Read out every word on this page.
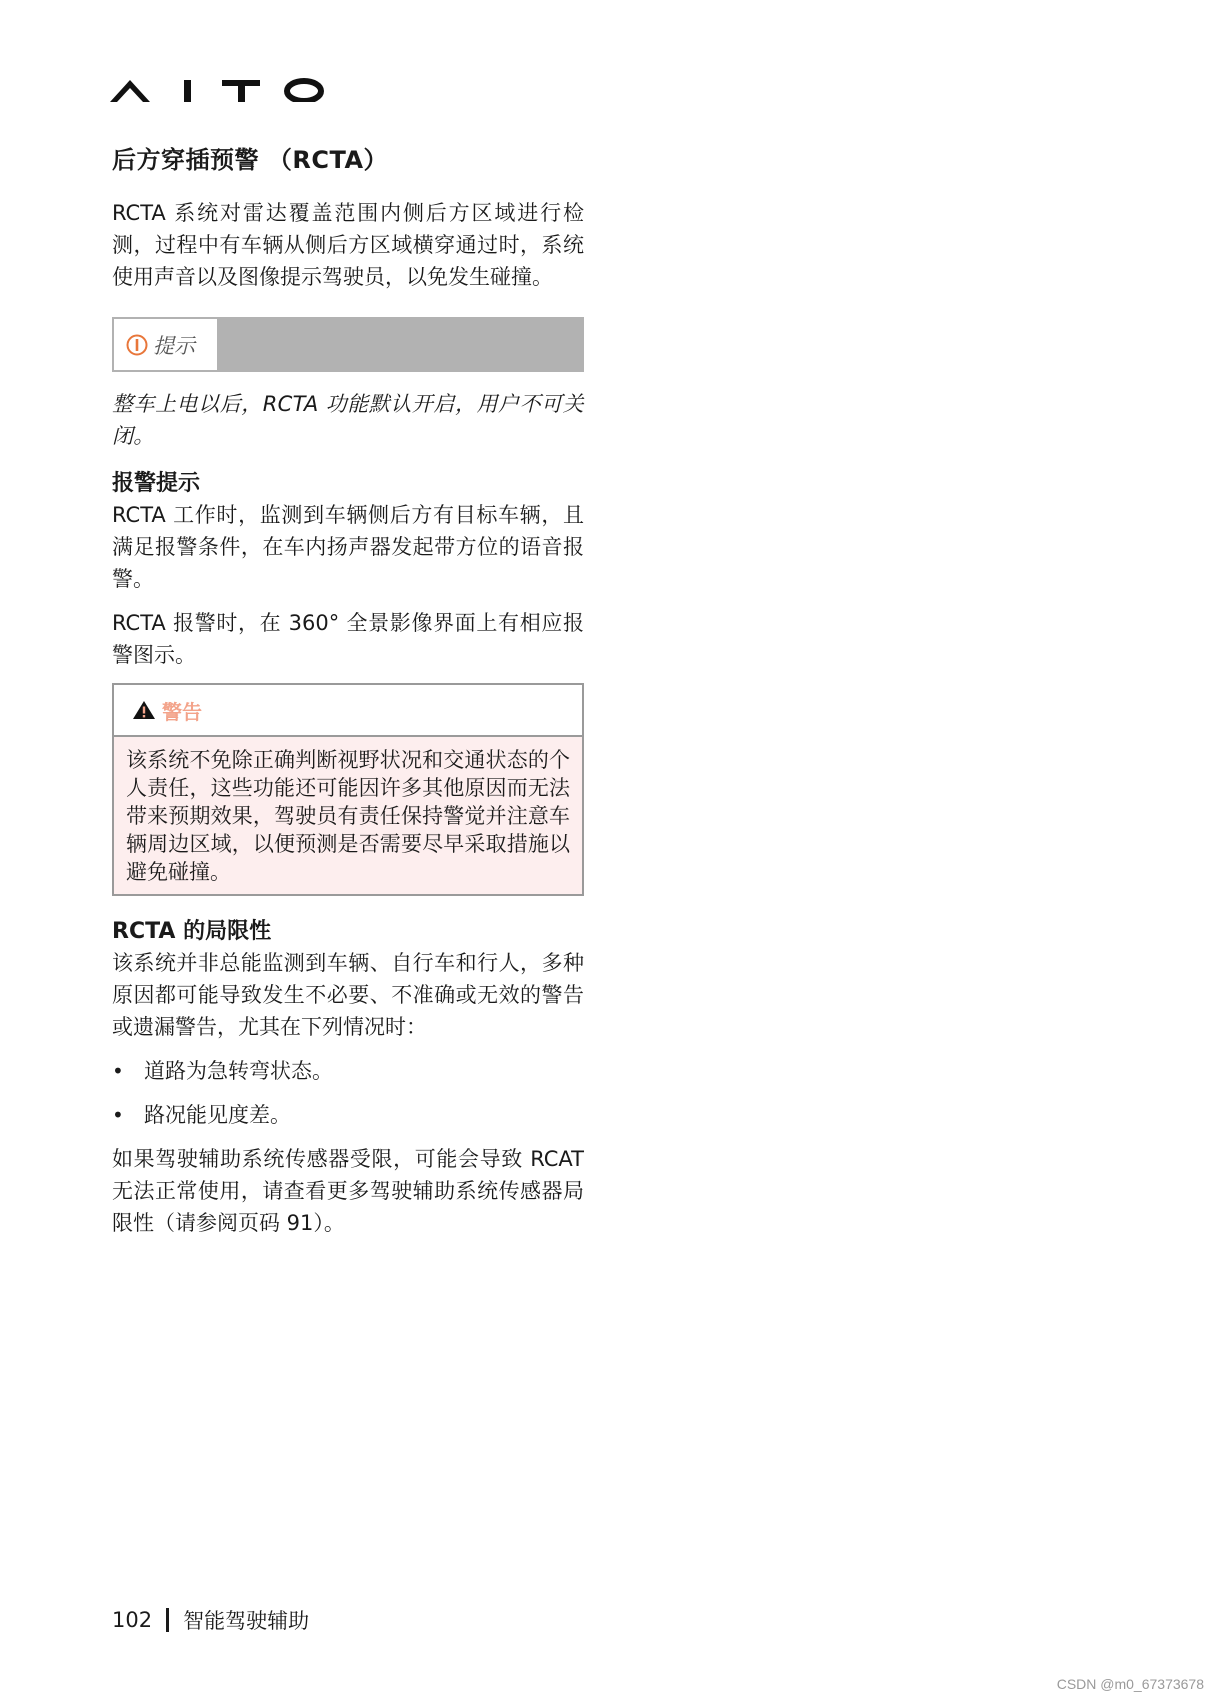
后方穿插预警 （RCTA）

RCTA 系统对雷达覆盖范围内侧后方区域进行检测，过程中有车辆从侧后方区域横穿通过时，系统使用声音以及图像提示驾驶员，以免发生碰撞。

提示

整车上电以后，RCTA 功能默认开启，用户不可关闭。

报警提示

RCTA 工作时，监测到车辆侧后方有目标车辆，且满足报警条件，在车内扬声器发起带方位的语音报警。

RCTA 报警时，在 360° 全景影像界面上有相应报警图示。

警告
该系统不免除正确判断视野状况和交通状态的个人责任，这些功能还可能因许多其他原因而无法带来预期效果，驾驶员有责任保持警觉并注意车辆周边区域，以便预测是否需要尽早采取措施以避免碰撞。
RCTA 的局限性

该系统并非总能监测到车辆、自行车和行人，多种原因都可能导致发生不必要、不准确或无效的警告或遗漏警告，尤其在下列情况时：

• 道路为急转弯状态。
• 路况能见度差。

如果驾驶辅助系统传感器受限，可能会导致 RCAT 无法正常使用，请查看更多驾驶辅助系统传感器局限性（请参阅页码 91）。

102 智能驾驶辅助
CSDN @m0_67373678
